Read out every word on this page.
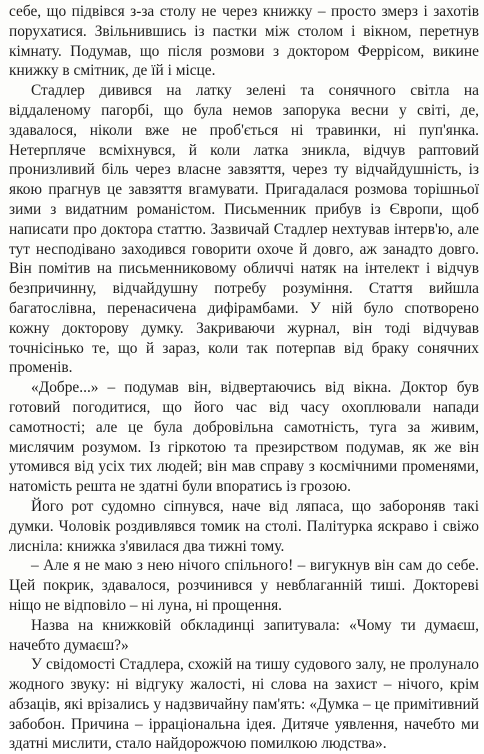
себе, що підвівся з-за столу не через книжку – просто змерз і захотів порухатися. Звільнившись із пастки між столом і вікном, перетнув кімнату. Подумав, що після розмови з доктором Феррісом, викине книжку в смітник, де їй і місце.

Стадлер дивився на латку зелені та сонячного світла на віддаленому пагорбі, що була немов запорука весни у світі, де, здавалося, ніколи вже не проб'ється ні травинки, ні пуп'янка. Нетерпляче всміхнувся, й коли латка зникла, відчув раптовий пронизливий біль через власне завзяття, через ту відчайдушність, із якою прагнув це завзяття вгамувати. Пригадалася розмова торішньої зими з видатним романістом. Письменник прибув із Європи, щоб написати про доктора статтю. Зазвичай Стадлер нехтував інтерв'ю, але тут несподівано заходився говорити охоче й довго, аж занадто довго. Він помітив на письменниковому обличчі натяк на інтелект і відчув безпричинну, відчайдушну потребу розуміння. Стаття вийшла багатослівна, перенасичена дифірамбами. У ній було спотворено кожну докторову думку. Закриваючи журнал, він тоді відчував точнісінько те, що й зараз, коли так потерпав від браку сонячних променів.

«Добре...» – подумав він, відвертаючись від вікна. Доктор був готовий погодитися, що його час від часу охоплювали напади самотності; але це була добровільна самотність, туга за живим, мислячим розумом. Із гіркотою та презирством подумав, як же він утомився від усіх тих людей; він мав справу з космічними променями, натомість решта не здатні були впоратись із грозою.

Його рот судомно сіпнувся, наче від ляпаса, що забороняв такі думки. Чоловік роздивлявся томик на столі. Палітурка яскраво і свіжо лисніла: книжка з'явилася два тижні тому.

– Але я не маю з нею нічого спільного! – вигукнув він сам до себе. Цей покрик, здавалося, розчинився у невблаганній тиші. Доктореві ніщо не відповіло – ні луна, ні прощення.

Назва на книжковій обкладинці запитувала: «Чому ти думаєш, начебто думаєш?»

У свідомості Стадлера, схожій на тишу судового залу, не пролунало жодного звуку: ні відгуку жалості, ні слова на захист – нічого, крім абзаців, які врізались у надзвичайну пам'ять: «Думка – це примітивний забобон. Причина – ірраціональна ідея. Дитяче уявлення, начебто ми здатні мислити, стало найдорожчою помилкою людства».
